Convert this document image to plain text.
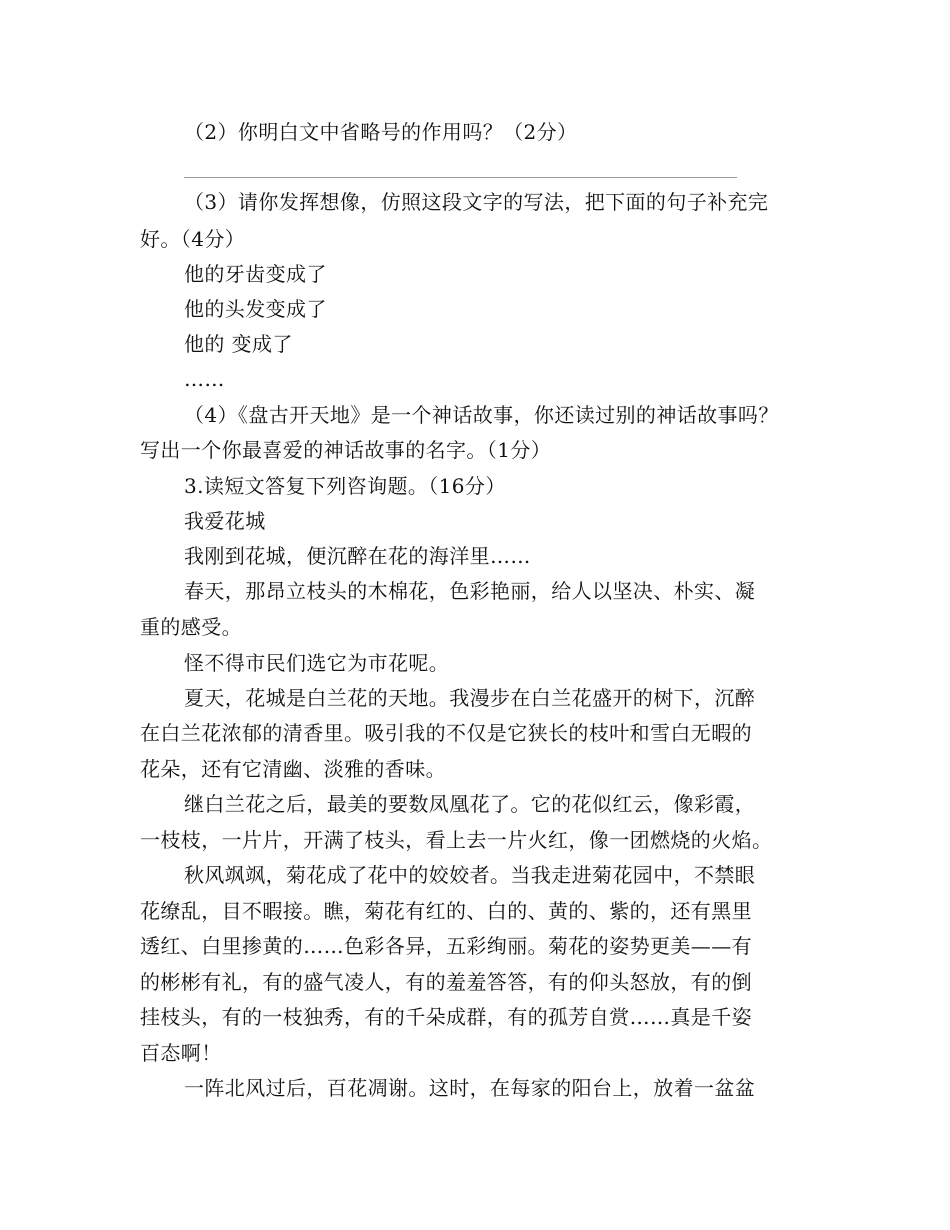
（2）你明白文中省略号的作用吗？（2分）
（3）请你发挥想像，仿照这段文字的写法，把下面的句子补充完
好。（4分）
他的牙齿变成了
他的头发变成了
他的 变成了
……
（4）《盘古开天地》是一个神话故事，你还读过别的神话故事吗？
写出一个你最喜爱的神话故事的名字。（1分）
3.读短文答复下列咨询题。（16分）
我爱花城
我刚到花城，便沉醉在花的海洋里……
春天，那昂立枝头的木棉花，色彩艳丽，给人以坚决、朴实、凝
重的感受。
怪不得市民们选它为市花呢。
夏天，花城是白兰花的天地。我漫步在白兰花盛开的树下，沉醉
在白兰花浓郁的清香里。吸引我的不仅是它狭长的枝叶和雪白无暇的
花朵，还有它清幽、淡雅的香味。
继白兰花之后，最美的要数凤凰花了。它的花似红云，像彩霞，
一枝枝，一片片，开满了枝头，看上去一片火红，像一团燃烧的火焰。
秋风飒飒，菊花成了花中的姣姣者。当我走进菊花园中，不禁眼
花缭乱，目不暇接。瞧，菊花有红的、白的、黄的、紫的，还有黑里
透红、白里掺黄的……色彩各异，五彩绚丽。菊花的姿势更美——有
的彬彬有礼，有的盛气凌人，有的羞羞答答，有的仰头怒放，有的倒
挂枝头，有的一枝独秀，有的千朵成群，有的孤芳自赏……真是千姿
百态啊！
一阵北风过后，百花凋谢。这时，在每家的阳台上，放着一盆盆
